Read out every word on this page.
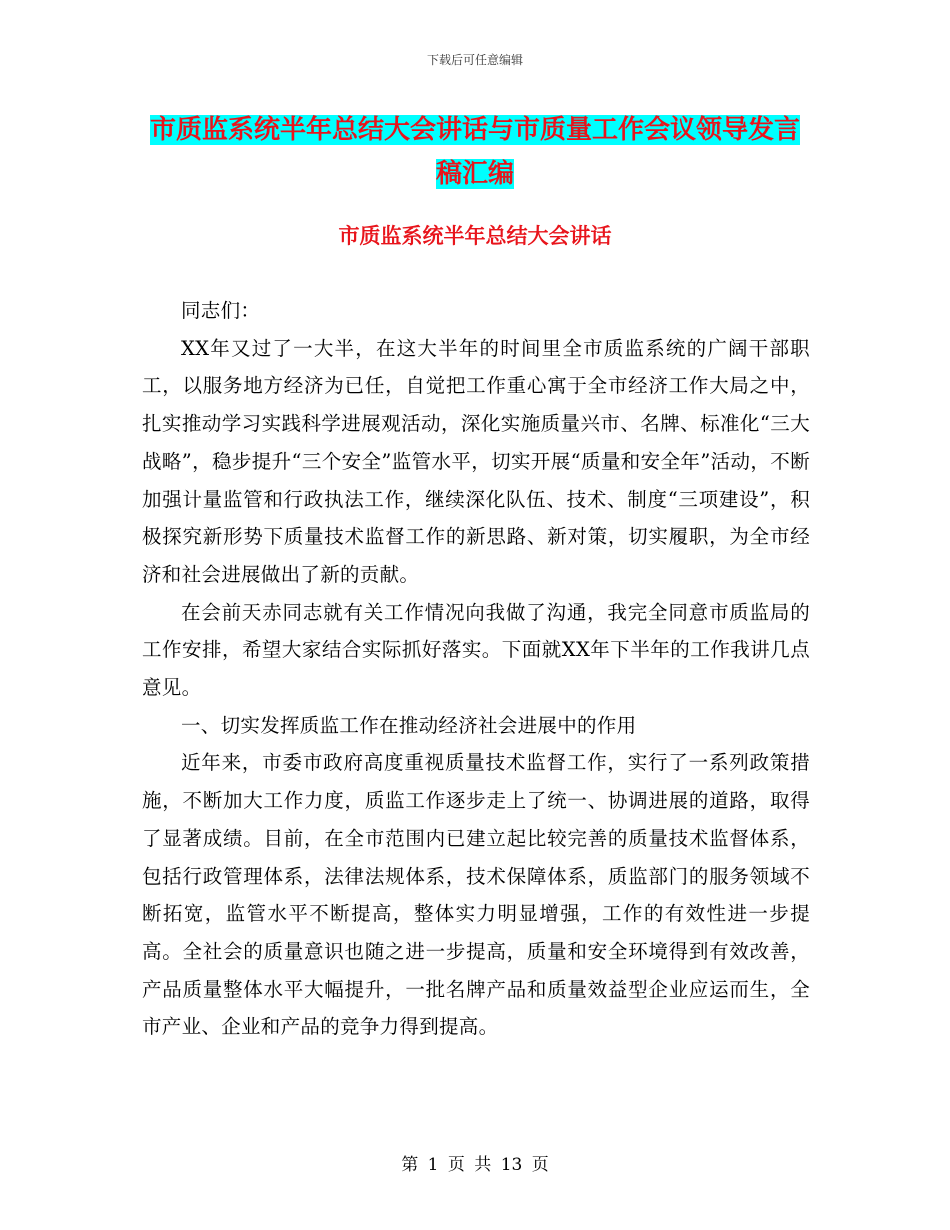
下载后可任意编辑
市质监系统半年总结大会讲话与市质量工作会议领导发言稿汇编
市质监系统半年总结大会讲话

同志们：

XX年又过了一大半，在这大半年的时间里全市质监系统的广阔干部职工，以服务地方经济为已任，自觉把工作重心寓于全市经济工作大局之中，扎实推动学习实践科学进展观活动，深化实施质量兴市、名牌、标准化“三大战略”，稳步提升“三个安全”监管水平，切实开展“质量和安全年”活动，不断加强计量监管和行政执法工作，继续深化队伍、技术、制度“三项建设”，积极探究新形势下质量技术监督工作的新思路、新对策，切实履职，为全市经济和社会进展做出了新的贡献。

在会前天赤同志就有关工作情况向我做了沟通，我完全同意市质监局的工作安排，希望大家结合实际抓好落实。下面就XX年下半年的工作我讲几点意见。

一、切实发挥质监工作在推动经济社会进展中的作用

近年来，市委市政府高度重视质量技术监督工作，实行了一系列政策措施，不断加大工作力度，质监工作逐步走上了统一、协调进展的道路，取得了显著成绩。目前，在全市范围内已建立起比较完善的质量技术监督体系，包括行政管理体系，法律法规体系，技术保障体系，质监部门的服务领域不断拓宽，监管水平不断提高，整体实力明显增强，工作的有效性进一步提高。全社会的质量意识也随之进一步提高，质量和安全环境得到有效改善，产品质量整体水平大幅提升，一批名牌产品和质量效益型企业应运而生，全市产业、企业和产品的竞争力得到提高。

第 1 页 共 13 页
